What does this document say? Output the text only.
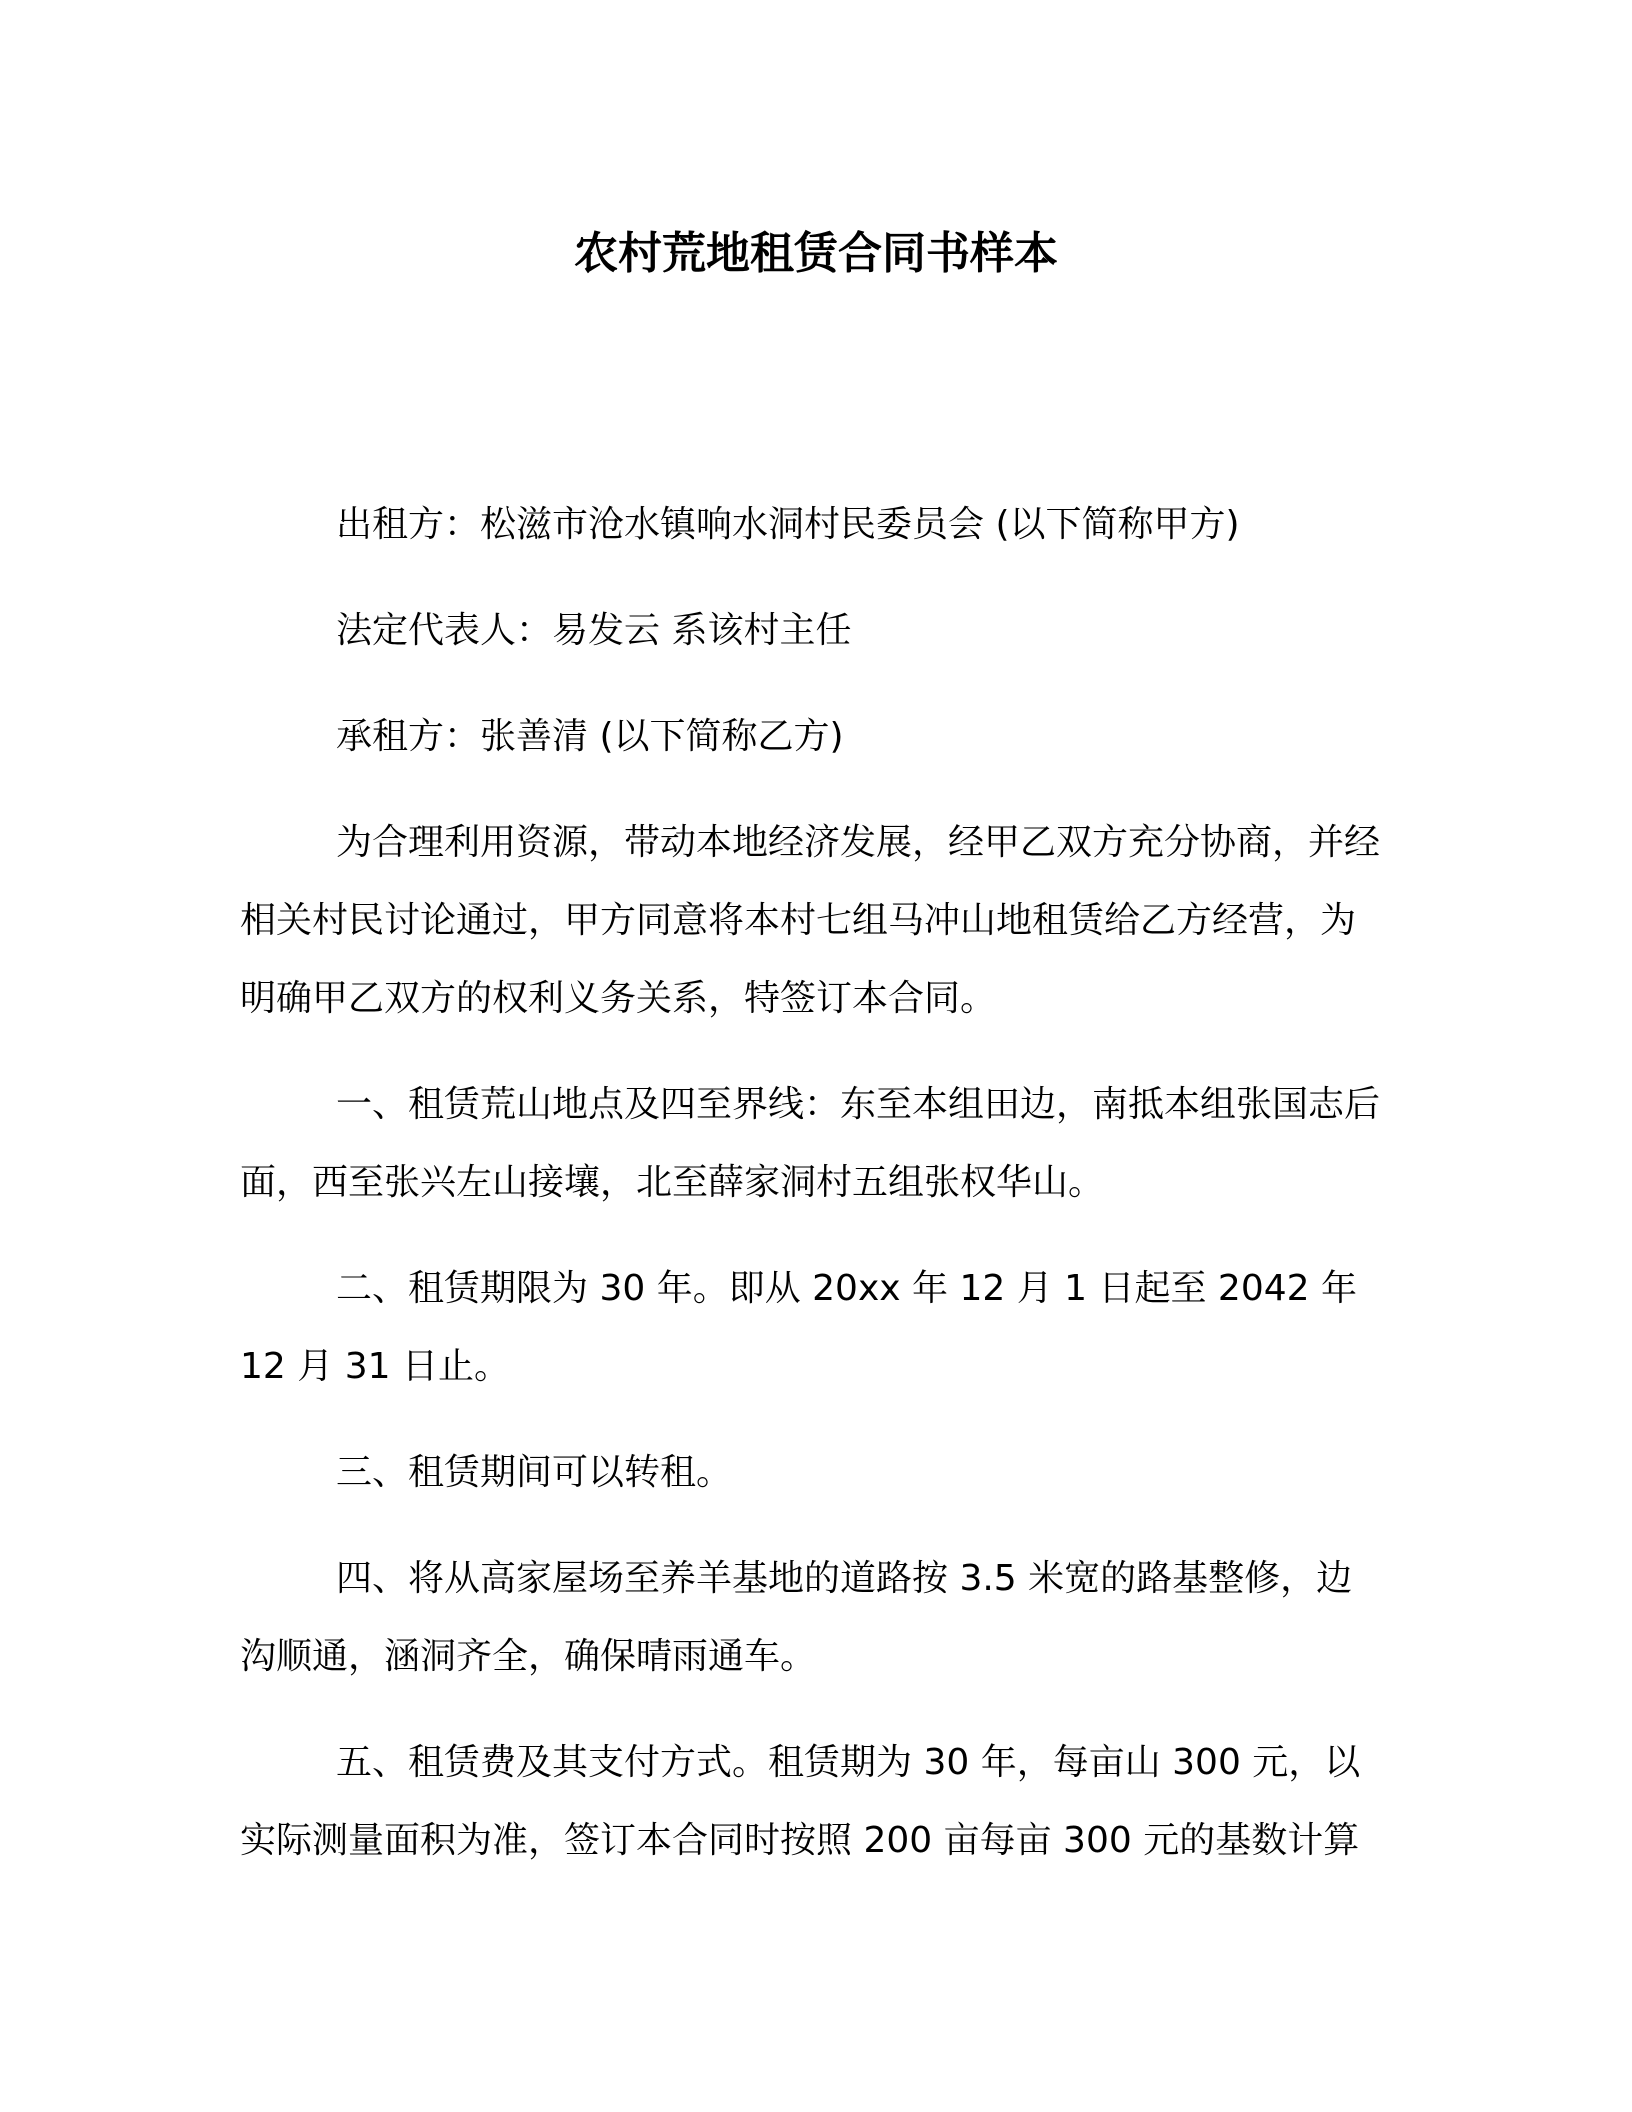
农村荒地租赁合同书样本

出租方：松滋市沧水镇响水洞村民委员会 (以下简称甲方)

法定代表人：易发云 系该村主任

承租方：张善清 (以下简称乙方)

为合理利用资源，带动本地经济发展，经甲乙双方充分协商，并经相关村民讨论通过，甲方同意将本村七组马冲山地租赁给乙方经营，为明确甲乙双方的权利义务关系，特签订本合同。

一、租赁荒山地点及四至界线：东至本组田边，南抵本组张国志后面，西至张兴左山接壤，北至薛家洞村五组张权华山。

二、租赁期限为 30 年。即从 20xx 年 12 月 1 日起至 2042 年 12 月 31 日止。

三、租赁期间可以转租。

四、将从高家屋场至养羊基地的道路按 3.5 米宽的路基整修，边沟顺通，涵洞齐全，确保晴雨通车。

五、租赁费及其支付方式。租赁期为 30 年，每亩山 300 元，以实际测量面积为准，签订本合同时按照 200 亩每亩 300 元的基数计算
